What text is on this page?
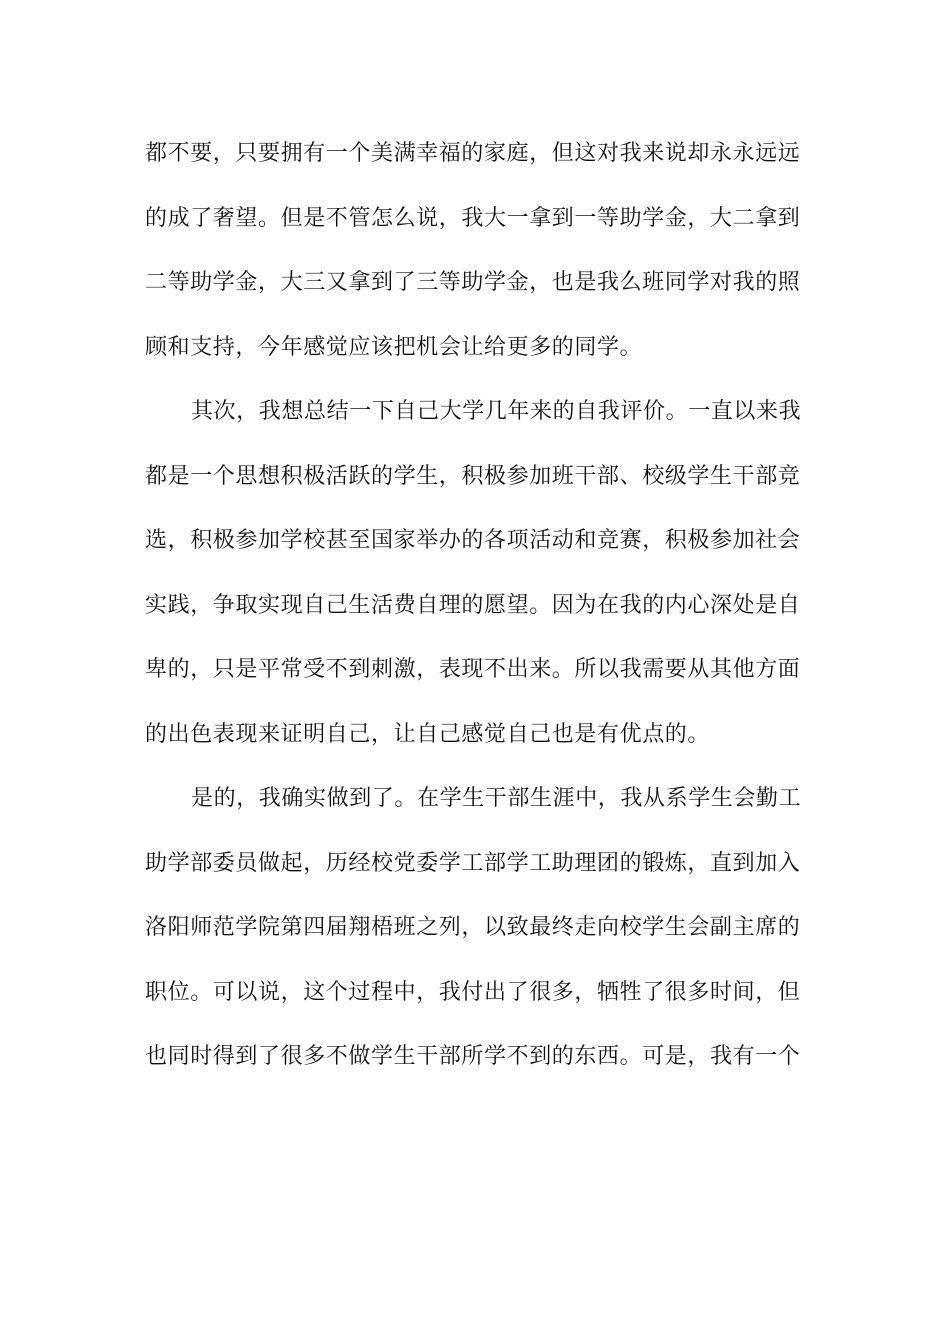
都不要，只要拥有一个美满幸福的家庭，但这对我来说却永永远远
的成了奢望。但是不管怎么说，我大一拿到一等助学金，大二拿到
二等助学金，大三又拿到了三等助学金，也是我么班同学对我的照
顾和支持，今年感觉应该把机会让给更多的同学。
其次，我想总结一下自己大学几年来的自我评价。一直以来我
都是一个思想积极活跃的学生，积极参加班干部、校级学生干部竞
选，积极参加学校甚至国家举办的各项活动和竞赛，积极参加社会
实践，争取实现自己生活费自理的愿望。因为在我的内心深处是自
卑的，只是平常受不到刺激，表现不出来。所以我需要从其他方面
的出色表现来证明自己，让自己感觉自己也是有优点的。
是的，我确实做到了。在学生干部生涯中，我从系学生会勤工
助学部委员做起，历经校党委学工部学工助理团的锻炼，直到加入
洛阳师范学院第四届翔梧班之列，以致最终走向校学生会副主席的
职位。可以说，这个过程中，我付出了很多，牺牲了很多时间，但
也同时得到了很多不做学生干部所学不到的东西。可是，我有一个
